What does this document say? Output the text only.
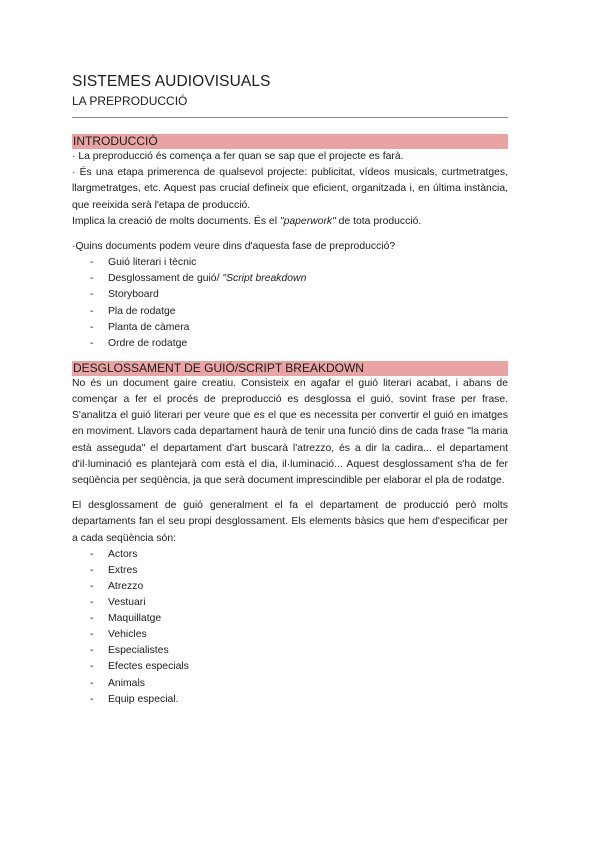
SISTEMES AUDIOVISUALS
LA PREPRODUCCIÓ
INTRODUCCIÓ

· La preproducció és comença a fer quan se sap que el projecte es farà.

· És una etapa primerenca de qualsevol projecte: publicitat, vídeos musicals, curtmetratges, llargmetratges, etc. Aquest pas crucial defineix que eficient, organitzada i, en última instància, que reeixida serà l'etapa de producció.

Implica la creació de molts documents. És el "paperwork" de tota producció.

·Quins documents podem veure dins d'aquesta fase de preproducció?

- Guió literari i tècnic
- Desglossament de guió/ "Script breakdown
- Storyboard
- Pla de rodatge
- Planta de càmera
- Ordre de rodatge
DESGLOSSAMENT DE GUIÓ/SCRIPT BREAKDOWN

No és un document gaire creatiu. Consisteix en agafar el guió literari acabat, i abans de començar a fer el procés de preproducció es desglossa el guió, sovint frase per frase. S'analitza el guió literari per veure que es el que es necessita per convertir el guió en imatges en moviment. Llavors cada departament haurà de tenir una funció dins de cada frase "la maria està asseguda" el departament d'art buscarà l'atrezzo, és a dir la cadira... el departament d'il·luminació es plantejarà com està el dia, il·luminació... Aquest desglossament s'ha de fer seqüència per seqüència, ja que serà document imprescindible per elaborar el pla de rodatge.

El desglossament de guió generalment el fa el departament de producció però molts departaments fan el seu propi desglossament. Els elements bàsics que hem d'especificar per a cada seqüència són:

- Actors
- Extres
- Atrezzo
- Vestuari
- Maquillatge
- Vehicles
- Especialistes
- Efectes especials
- Animals
- Equip especial.
